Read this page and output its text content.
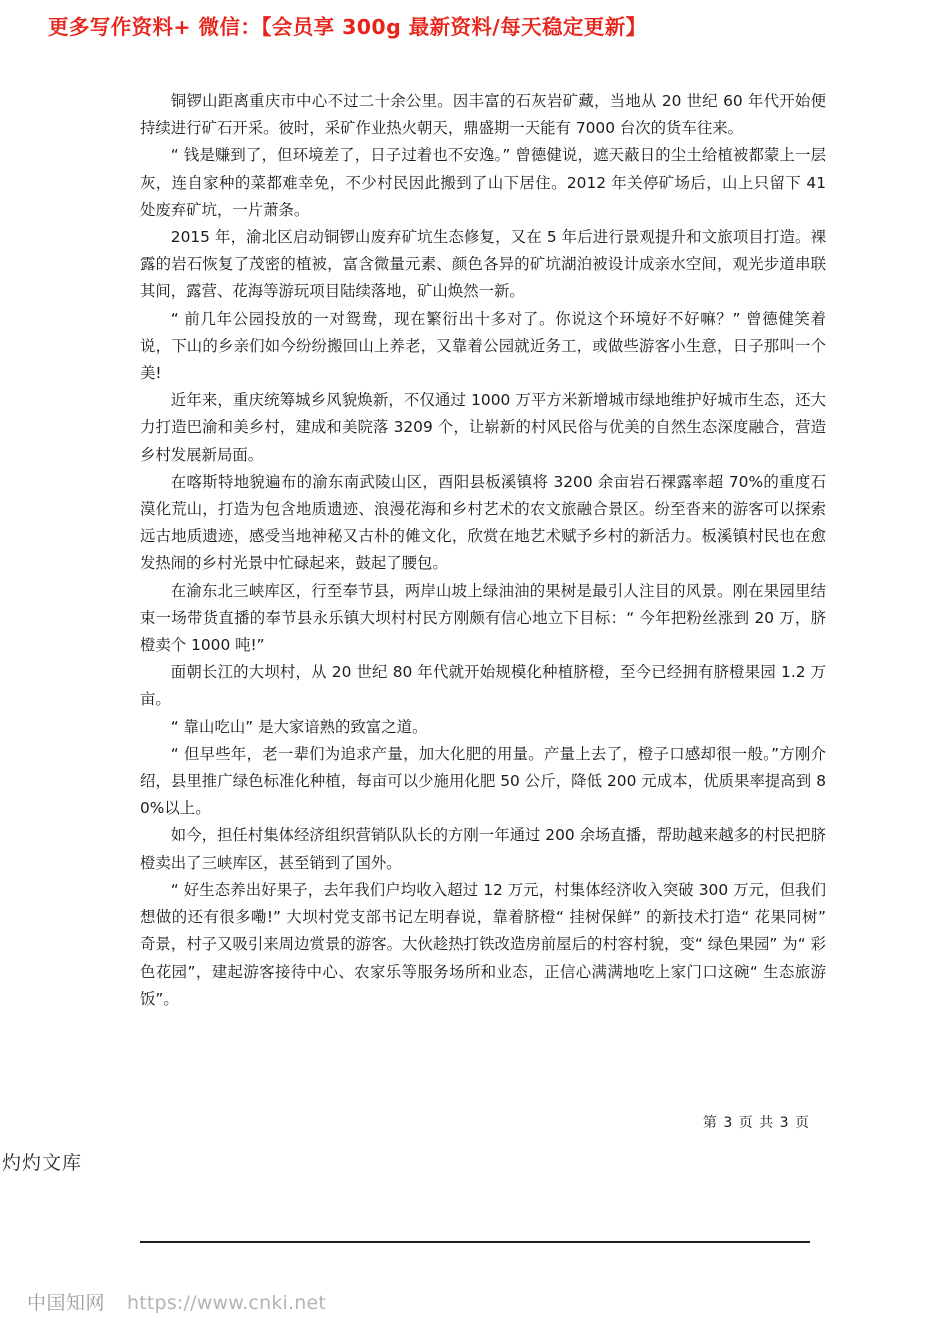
更多写作资料+ 微信：【会员享 300g 最新资料/每天稳定更新】

铜锣山距离重庆市中心不过二十余公里。因丰富的石灰岩矿藏，当地从 20 世纪 60 年代开始便持续进行矿石开采。彼时，采矿作业热火朝天，鼎盛期一天能有 7000 台次的货车往来。

“ 钱是赚到了，但环境差了，日子过着也不安逸。” 曾德健说，遮天蔽日的尘土给植被都蒙上一层灰，连自家种的菜都难幸免，不少村民因此搬到了山下居住。2012 年关停矿场后，山上只留下 41 处废弃矿坑，一片萧条。

2015 年，渝北区启动铜锣山废弃矿坑生态修复，又在 5 年后进行景观提升和文旅项目打造。裸露的岩石恢复了茂密的植被，富含微量元素、颜色各异的矿坑湖泊被设计成亲水空间，观光步道串联其间，露营、花海等游玩项目陆续落地，矿山焕然一新。

“ 前几年公园投放的一对鸳鸯，现在繁衍出十多对了。你说这个环境好不好嘛？” 曾德健笑着说，下山的乡亲们如今纷纷搬回山上养老，又靠着公园就近务工，或做些游客小生意，日子那叫一个美!

近年来，重庆统筹城乡风貌焕新，不仅通过 1000 万平方米新增城市绿地维护好城市生态，还大力打造巴渝和美乡村，建成和美院落 3209 个，让崭新的村风民俗与优美的自然生态深度融合，营造乡村发展新局面。

在喀斯特地貌遍布的渝东南武陵山区，酉阳县板溪镇将 3200 余亩岩石裸露率超 70%的重度石漠化荒山，打造为包含地质遗迹、浪漫花海和乡村艺术的农文旅融合景区。纷至沓来的游客可以探索远古地质遗迹，感受当地神秘又古朴的傩文化，欣赏在地艺术赋予乡村的新活力。板溪镇村民也在愈发热闹的乡村光景中忙碌起来，鼓起了腰包。

在渝东北三峡库区，行至奉节县，两岸山坡上绿油油的果树是最引人注目的风景。刚在果园里结束一场带货直播的奉节县永乐镇大坝村村民方刚颇有信心地立下目标：“ 今年把粉丝涨到 20 万，脐橙卖个 1000 吨!”

面朝长江的大坝村，从 20 世纪 80 年代就开始规模化种植脐橙，至今已经拥有脐橙果园 1.2 万亩。

“ 靠山吃山” 是大家谙熟的致富之道。

“ 但早些年，老一辈们为追求产量，加大化肥的用量。产量上去了，橙子口感却很一般。”方刚介绍，县里推广绿色标准化种植，每亩可以少施用化肥 50 公斤，降低 200 元成本，优质果率提高到 80%以上。

如今，担任村集体经济组织营销队队长的方刚一年通过 200 余场直播，帮助越来越多的村民把脐橙卖出了三峡库区，甚至销到了国外。

“ 好生态养出好果子，去年我们户均收入超过 12 万元，村集体经济收入突破 300 万元，但我们想做的还有很多嘞!” 大坝村党支部书记左明春说，靠着脐橙“ 挂树保鲜” 的新技术打造“ 花果同树” 奇景，村子又吸引来周边赏景的游客。大伙趁热打铁改造房前屋后的村容村貌，变“ 绿色果园” 为“ 彩色花园”，建起游客接待中心、农家乐等服务场所和业态，正信心满满地吃上家门口这碗“ 生态旅游饭”。

第 3 页 共 3 页
灼灼文库
中国知网 https://www.cnki.net
